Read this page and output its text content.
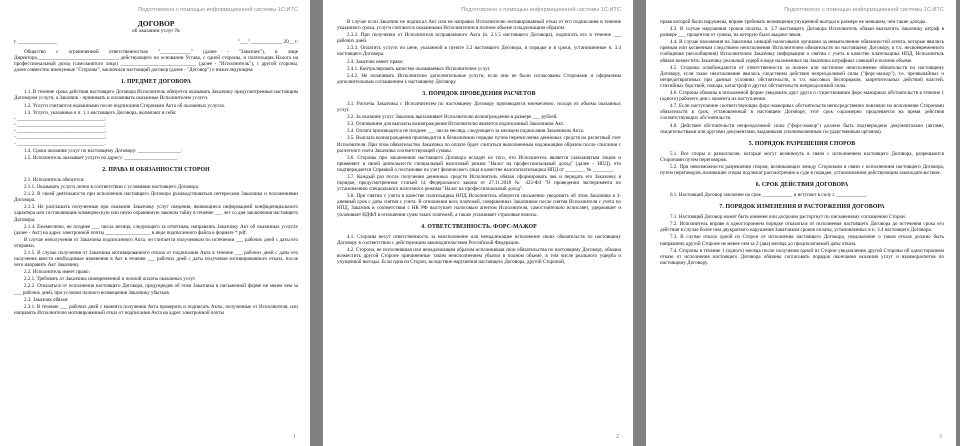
Подготовлено с помощью информационной системы 1С:ИТС
ДОГОВОР
об оказании услуг №
г. _______________	"___" ____________ 20__ г.

Общество с ограниченной ответственностью "____________" (далее - "Заказчик"), в лице Директора________________________________, действующего на основании Устава, с одной стороны, и плательщик Налога на профессиональный доход (самозанятого лицо) ______________________________ (далее - "Исполнитель"), с другой стороны, далее совместно именуемые "Стороны", заключили настоящий договор (далее - "Договор") о нижеследующем:

1. ПРЕДМЕТ ДОГОВОРА

1.1. В течение срока действия настоящего Договора Исполнитель обязуется оказывать Заказчику предусмотренные настоящим Договором услуги, а Заказчик - принимать и оплачивать оказанные Исполнителем услуги.

1.2. Услуги считаются оказанными после подписания Сторонами Акта об оказанных услугах.

1.3. Услуги, указанные в п. 1.1 настоящего Договора, включают в себя:

- ___________________________________;

- ___________________________________;

- ___________________________________;

- ___________________________________;

- ___________________________________.

1.4. Сроки оказания услуг по настоящему Договору: _________________.

1.5. Исполнитель оказывает услуги по адресу: _____________________.

2. ПРАВА И ОБЯЗАННОСТИ СТОРОН

2.1. Исполнитель обязуется:

2.1.1. Оказывать услуги лично в соответствии с условиями настоящего Договора.

2.1.2. В своей деятельности при исполнении настоящего Договора руководствоваться интересами Заказчика и положениями Договора.

2.1.3. Не разглашать полученные при оказании Заказчику услуг сведения, являющиеся информацией конфиденциального характера или составляющие коммерческую или иную охраняемую законом тайну в течение ___ лет со дня заключения настоящего Договора.

2.1.4. Ежемесячно, не позднее ___ числа месяца, следующего за отчетным, направлять Заказчику Акт об оказанных услугах (далее - Акт) на адрес электронной почты __________________ в виде подписанного файла в формате * pdf.

В случае неполучения от Заказчика подписанного Акта, он считается полученным по истечении ___ рабочих дней с даты его отправки.

2.1.5. В случае получения от Заказчика мотивированного отказа от подписания Акта в течение ___ рабочих дней с даты его получения внести необходимые изменения в Акт в течение ___ рабочих дней с даты получения мотивированного отказа, после чего направить Акт Заказчику.

2.2. Исполнитель имеет право:

2.2.1. Требовать от Заказчика своевременной и полной оплаты оказанных услуг.

2.2.2. Отказаться от исполнения настоящего Договора, предупредив об этом Заказчика в письменной форме не менее чем за ___ рабочих дней, при условии полного возмещения Заказчику убытков.

2.3. Заказчик обязан:

2.3.1. В течение ___ рабочих дней с момента получения Акта проверить и подписать Акты, полученные от Исполнителя, или направить Исполнителю мотивированный отказ от подписания Акта на адрес электронной почты

1
Подготовлено с помощью информационной системы 1С:ИТС

В случае если Заказчик не подписал Акт или не направил Исполнителю мотивированный отказ от его подписания в течение указанного срока, услуги считаются оказанными Исполнителем в полном объеме и надлежащим образом.

2.3.2. При получении от Исполнителя исправленного Акта (п. 2.1.5 настоящего Договора), подписать его в течение ___ рабочих дней.

2.3.3. Оплатить услуги по цене, указанной в пункте 3.2 настоящего Договора, в порядке и в сроки, установленные п. 3.4 настоящего Договора.

2.4. Заказчик имеет право:

2.4.1. Контролировать качество оказываемых Исполнителем услуг.

2.4.2. Не оплачивать Исполнителю дополнительные услуги, если они не были согласованы Сторонами и оформлены дополнительным соглашением к настоящему Договору.

3. ПОРЯДОК ПРОВЕДЕНИЯ РАСЧЕТОВ

3.1. Расчеты Заказчика с Исполнителем по настоящему Договору производятся ежемесячно, исходя из объема оказанных услуг.

3.2. За оказание услуг Заказчик выплачивает Исполнителю вознаграждение в размере ___ рублей.

3.3. Основанием для выплаты вознаграждения Исполнителю является подписанный Заказчиком Акт.

3.4. Оплата производится не позднее ___ числа месяца, следующего за месяцем подписания Заказчиком Акта.

3.5. Выплата вознаграждения производится в безналичном порядке путем перечисления денежных средств на расчетный счет Исполнителя. При этом обязательство Заказчика по оплате будет считаться выполненным надлежащим образом после списания с расчетного счета Заказчика соответствующей суммы.

3.6. Стороны при заключении настоящего Договора исходят из того, что Исполнитель является самозанятым лицом и применяет в своей деятельности специальный налоговый режим "Налог на профессиональный доход" (далее – НПД), что подтверждается Справкой о постановке на учет физического лица в качестве налогоплательщика НПД от ________ № ________.

3.7. Каждый раз после получения денежных средств Исполнитель обязан сформировать чек и передать его Заказчику в порядке, предусмотренном статьей 14 Федерального закона от 27.11.2018 № 422-ФЗ "О проведении эксперимента по установлению специального налогового режима "Налог на профессиональный доход".

3.8. При снятии с учета в качестве плательщика НПД Исполнитель обязуется письменно уведомить об этом Заказчика в 3-дневный срок с даты снятия с учета. В отношении всех платежей, совершенных Заказчиком после снятия Исполнителя с учета по НПД, Заказчик в соответствии с НК РФ выступает налоговым агентом Исполнителя, самостоятельно исчисляет, удерживает и уплачивает НДФЛ в отношении сумм таких платежей, а также уплачивает страховые взносы.

4. ОТВЕТСТВЕННОСТЬ. ФОРС-МАЖОР

4.1. Стороны несут ответственность за неисполнение или ненадлежащее исполнение своих обязательств по настоящему Договору в соответствии с действующим законодательством Российской Федерации.

4.2. Сторона, не исполнившая или ненадлежащим образом исполнившая свои обязательства по настоящему Договору, обязана возместить другой Стороне причиненные таким неисполнением убытки в полном объеме, в том числе реального ущерба и упущенной выгоды. Если одна из Сторон, вследствие нарушения настоящего Договора, другой Стороной,

2
Подготовлено с помощью информационной системы 1С:ИТС

права которой были нарушены, вправе требовать возмещения упущенной выгоды в размере не меньшем, чем такие доходы.

4.3. В случае нарушения сроков оплаты, п. 3.7 настоящего Договора Исполнитель обязан выплатить Заказчику штраф в размере ___ процентов от суммы, на которую было выдано чеков.

4.4. В случае наложения на Заказчика санкций налоговыми органами за невыполнение обязанностей агента, которые явились прямым или косвенным следствием неисполнения Исполнителем обязательств по настоящему Договору, в т.ч. несвоевременного сообщения (несообщения) Исполнителем Заказчику информации о снятии с учета в качестве плательщика НПД, Исполнитель обязан возместить Заказчику реальный ущерб в виде наложенных на Заказчика штрафных санкций в полном объеме.

4.5. Стороны освобождаются от ответственности за полное или частичное неисполнение обязательств по настоящему Договору, если такое неисполнение явилось следствием действия непреодолимой силы ("форс-мажор"), т.е. чрезвычайных и непредотвратимых при данных условиях обстоятельств, в т.ч. массовых беспорядков, запретительных действий властей, стихийных бедствий, пожара, катастроф и других обстоятельств непреодолимой силы.

4.6. Стороны обязаны в письменной форме уведомить друг друга о существовании форс-мажорных обстоятельств в течение 1 (одного) рабочего дня с момента их наступления.

4.7. Если наступление соответствующих форс-мажорных обстоятельств непосредственно повлияло на исполнение Сторонами обязательств в срок, установленный в настоящем Договоре, этот срок соразмерно продлевается на время действия соответствующих обстоятельств.

4.8. Действие обстоятельств непреодолимой силы ("форс-мажор") должно быть подтверждено документально (актами, свидетельствами или другими документами, выданными уполномоченным государственным органом).

5. ПОРЯДОК РАЗРЕШЕНИЯ СПОРОВ

5.1. Все споры и разногласия, которые могут возникнуть в связи с исполнением настоящего Договора, разрешаются Сторонами путем переговоров.

5.2. При невозможности разрешения споров, возникающих между Сторонами в связи с исполнением настоящего Договора, путем переговоров, возникшие споры подлежат рассмотрению в суде в порядке, установленном действующим законодательством.

6. СРОК ДЕЙСТВИЯ ДОГОВОРА

6.1. Настоящий Договор заключен на срок ____________ и вступает в силу с ____________.

7. ПОРЯДОК ИЗМЕНЕНИЯ И РАСТОРЖЕНИЯ ДОГОВОРА

7.1. Настоящий Договор может быть изменен или досрочно расторгнут по письменному соглашению Сторон.

7.2. Исполнитель вправе в одностороннем порядке отказаться от исполнения настоящего Договора до истечения срока его действия в случае более чем двукратного нарушения Заказчиком сроков оплаты, установленных в п. 3.4 настоящего Договора.

7.3. В случае отказа одной из Сторон от исполнения настоящего Договора, уведомление о таком отказе должно быть направлено другой Стороне не менее чем за 2 (два) месяца до предполагаемой даты отказа.

7.4. Стороны в течение 1 (одного) месяца после получения одной из Сторон уведомления другой Стороны об одностороннем отказе от исполнения настоящего Договора обязаны согласовать порядок окончания оказания услуг и взаиморасчетов по настоящему Договору.

3
